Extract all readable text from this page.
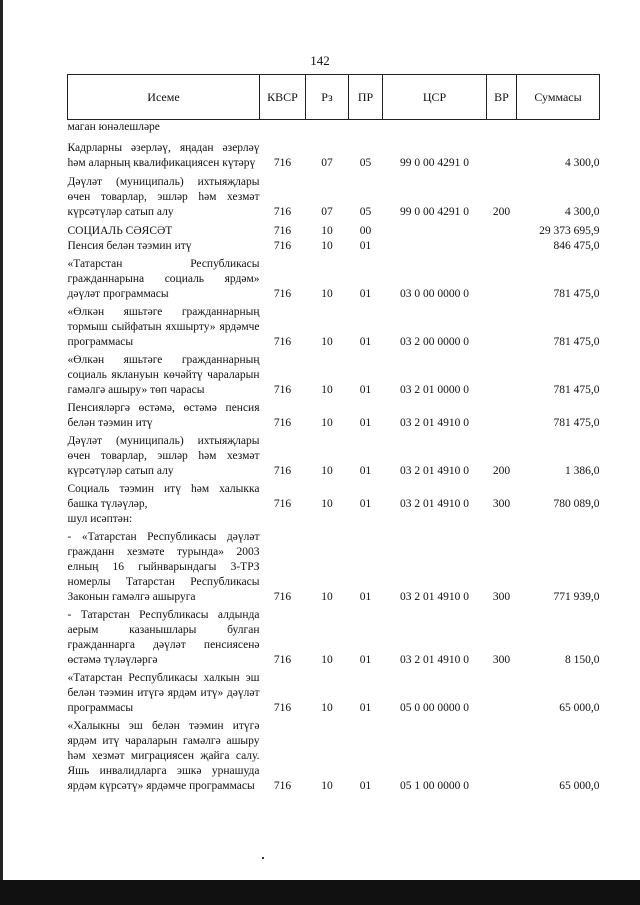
142
Исеме	КВСР	Рз	ПР	ЦСР	ВР	Суммасы
маган юнәлешләре						
Кадрларны әзерләү, яңадан әзерләү һәм аларның квалификациясен күтәрү	716	07	05	99 0 00 4291 0		4 300,0
Дәүләт (муниципаль) ихтыяҗлары өчен товарлар, эшләр һәм хезмәт күрсәтүләр сатып алу	716	07	05	99 0 00 4291 0	200	4 300,0
СОЦИАЛЬ СӘЯСӘТ	716	10	00			29 373 695,9
Пенсия белән тәэмин итү	716	10	01			846 475,0
«Татарстан Республикасы гражданнарына социаль ярдәм» дәүләт программасы	716	10	01	03 0 00 0000 0		781 475,0
«Өлкән яшьтәге гражданнарның тормыш сыйфатын яхшырту» ярдәмче программасы	716	10	01	03 2 00 0000 0		781 475,0
«Өлкән яшьтәге гражданнарның социаль яклануын көчәйтү чараларын гамәлгә ашыру» төп чарасы	716	10	01	03 2 01 0000 0		781 475,0
Пенсияләргә өстәмә, өстәмә пенсия белән тәэмин итү	716	10	01	03 2 01 4910 0		781 475,0
Дәүләт (муниципаль) ихтыяҗлары өчен товарлар, эшләр һәм хезмәт күрсәтүләр сатып алу	716	10	01	03 2 01 4910 0	200	1 386,0
Социаль тәэмин итү һәм халыкка башка түләүләр,	716	10	01	03 2 01 4910 0	300	780 089,0
шул исәптән:						
- «Татарстан Республикасы дәүләт гражданн хезмәте турында» 2003 елның 16 гыйнварындагы 3-ТРЗ номерлы Татарстан Республикасы Законын гамәлгә ашыруга	716	10	01	03 2 01 4910 0	300	771 939,0
- Татарстан Республикасы алдында аерым казанышлары булган гражданнарга дәүләт пенсиясенә өстәмә түләүләргә	716	10	01	03 2 01 4910 0	300	8 150,0
«Татарстан Республикасы халкын эш белән тәэмин итүгә ярдәм итү» дәүләт программасы	716	10	01	05 0 00 0000 0		65 000,0
«Халыкны эш белән тәэмин итүгә ярдәм итү чараларын гамәлгә ашыру һәм хезмәт миграциясен җайга салу. Яшь инвалидларга эшкә урнашуда ярдәм күрсәтү» ярдәмче программасы	716	10	01	05 1 00 0000 0		65 000,0
